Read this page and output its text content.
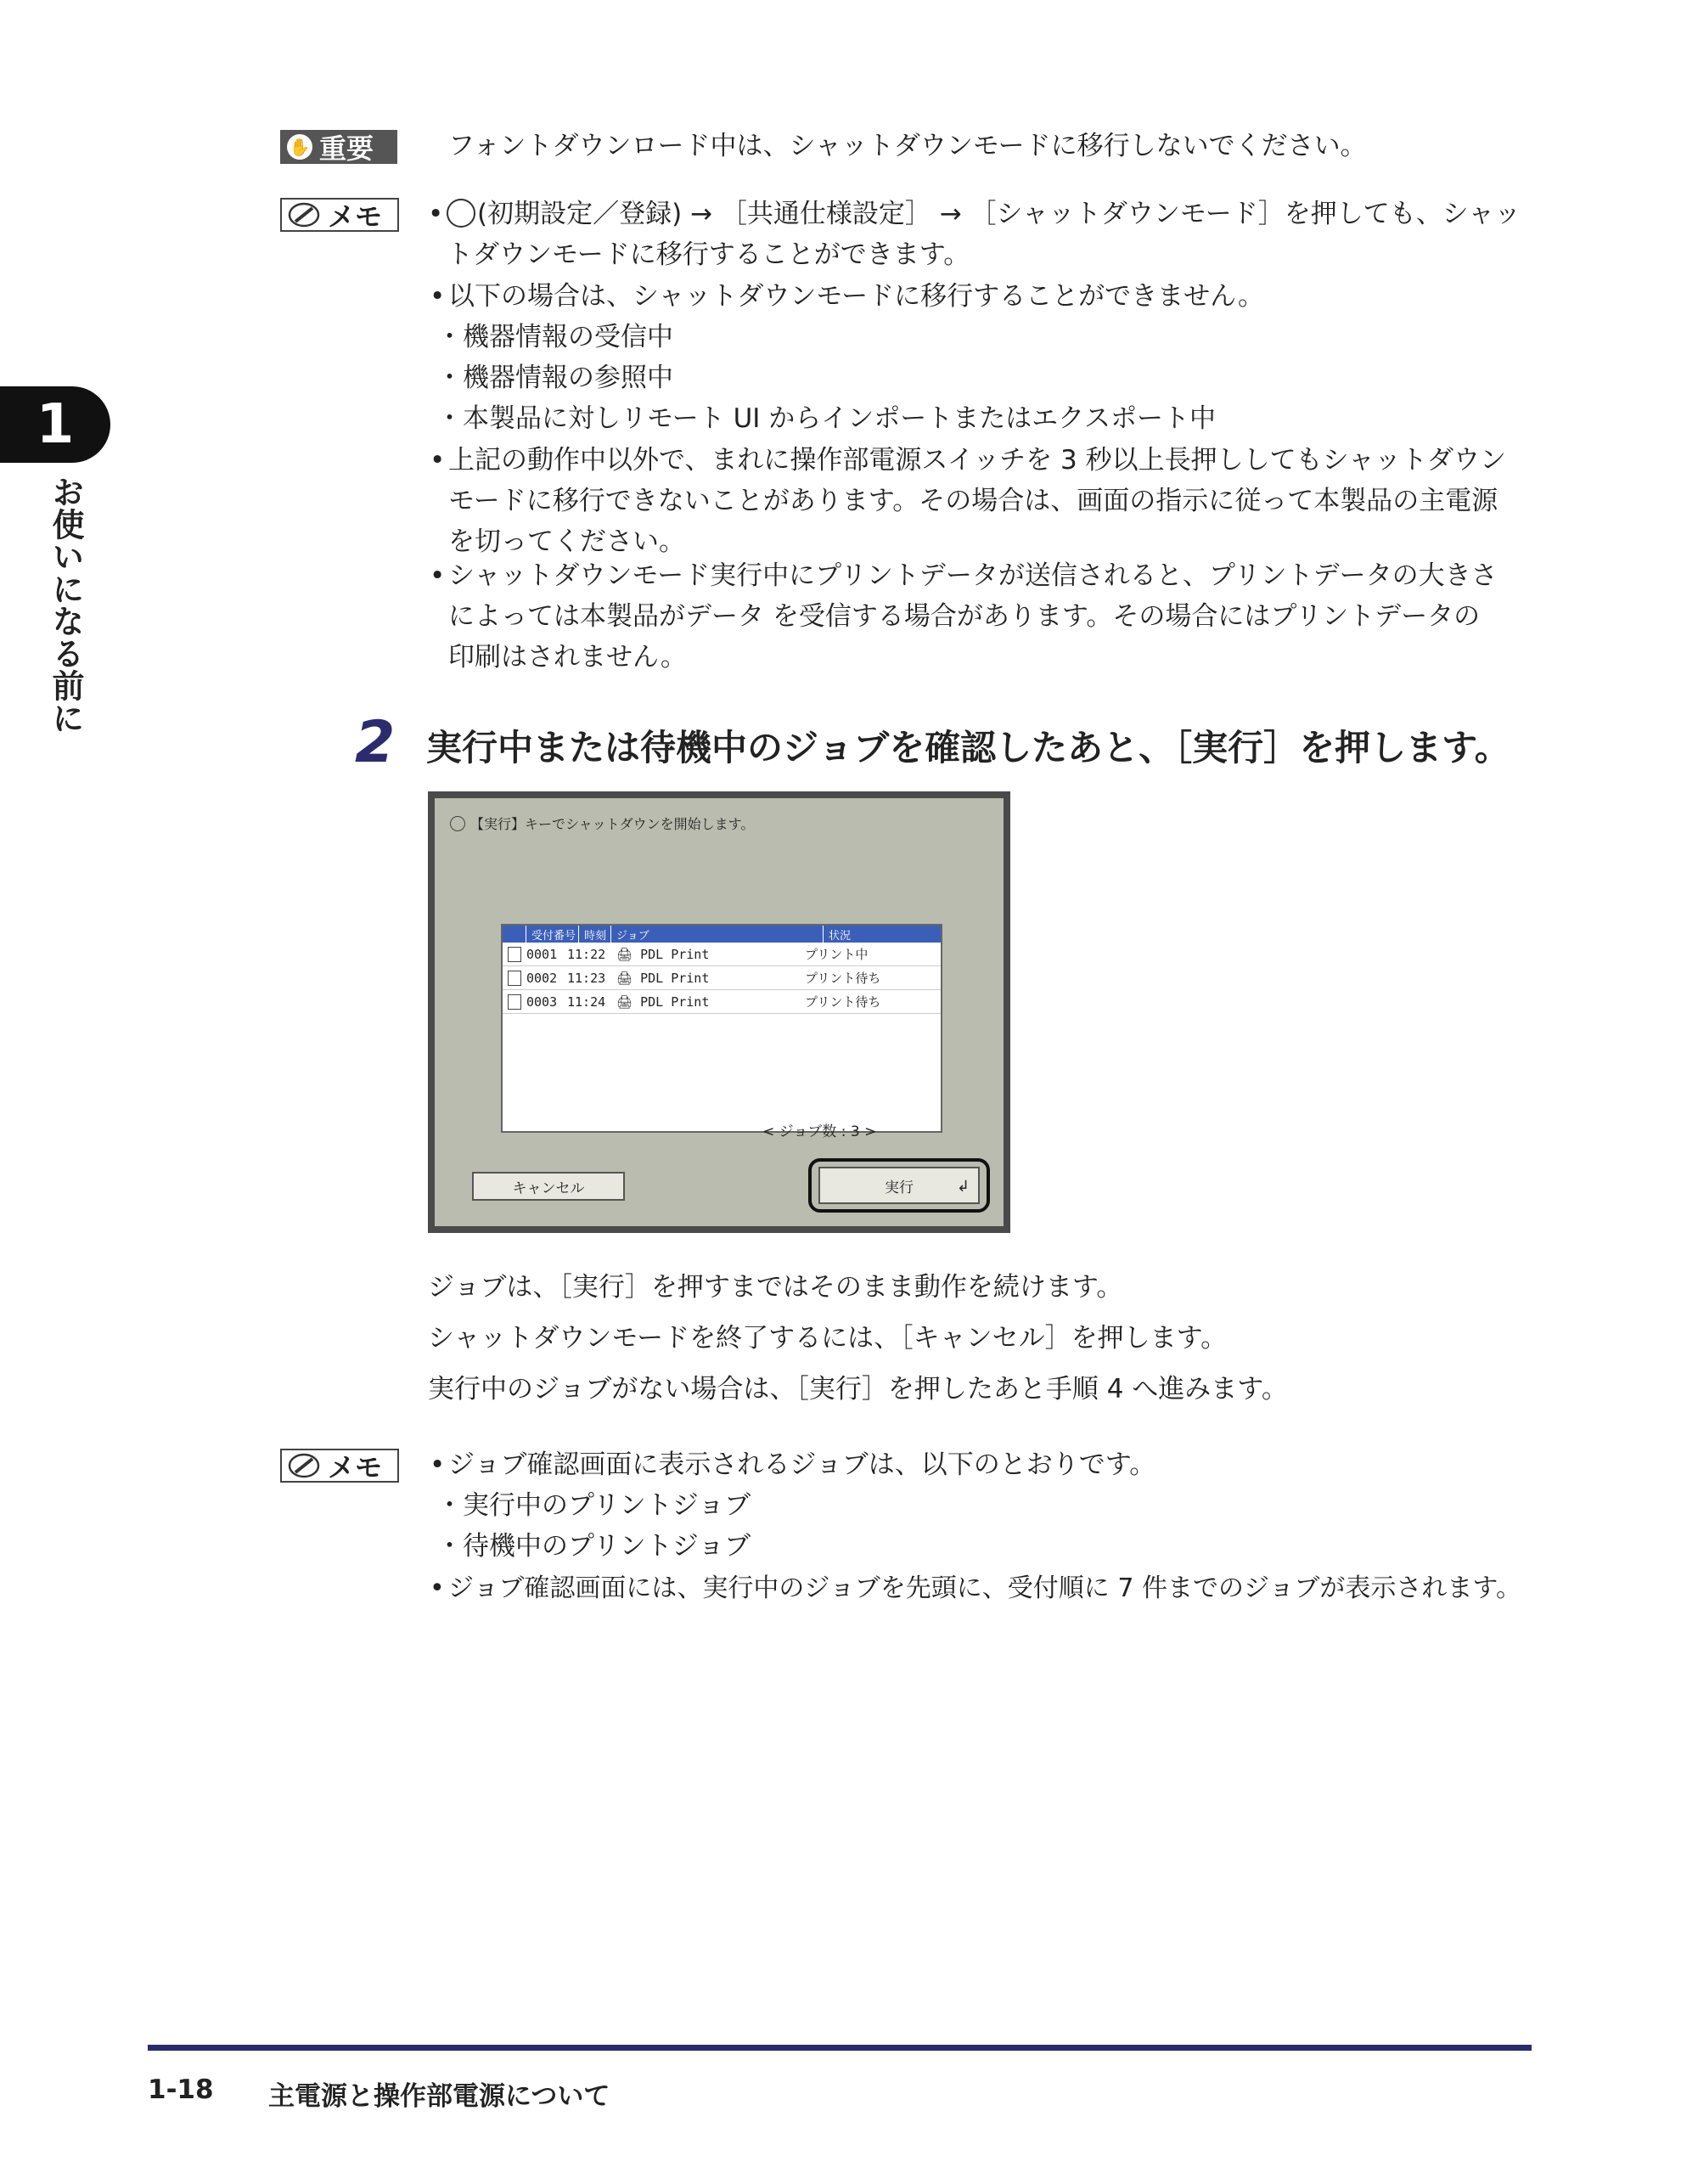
1
お使いになる前に
✋ 重要	フォントダウンロード中は、シャットダウンモードに移行しないでください。
メモ • (初期設定／登録) → ［共通仕様設定］ → ［シャットダウンモード］を押しても、シャッ
トダウンモードに移行することができます。
• 以下の場合は、シャットダウンモードに移行することができません。
・機器情報の受信中
・機器情報の参照中
・本製品に対しリモート UI からインポートまたはエクスポート中
• 上記の動作中以外で、まれに操作部電源スイッチを 3 秒以上長押ししてもシャットダウン
モードに移行できないことがあります。その場合は、画面の指示に従って本製品の主電源
を切ってください。
• シャットダウンモード実行中にプリントデータが送信されると、プリントデータの大きさ
によっては本製品がデータ を受信する場合があります。その場合にはプリントデータの
印刷はされません。
2 実行中または待機中のジョブを確認したあと、［実行］を押します。
【実行】キーでシャットダウンを開始します。
受付番号 時刻 ジョブ	状況
0001 11:22 🖨 PDL Print	プリント中
0002 11:23 🖨 PDL Print	プリント待ち
0003 11:24 🖨 PDL Print	プリント待ち
< ジョブ数 : 3 >
キャンセル	実行	↲
ジョブは、［実行］を押すまではそのまま動作を続けます。
シャットダウンモードを終了するには、［キャンセル］を押します。
実行中のジョブがない場合は、［実行］を押したあと手順 4 へ進みます。
メモ
•	ジョブ確認画面に表示されるジョブは、以下のとおりです。
・実行中のプリントジョブ
・待機中のプリントジョブ
• ジョブ確認画面には、実行中のジョブを先頭に、受付順に 7 件までのジョブが表示されます。
1-18 主電源と操作部電源について
